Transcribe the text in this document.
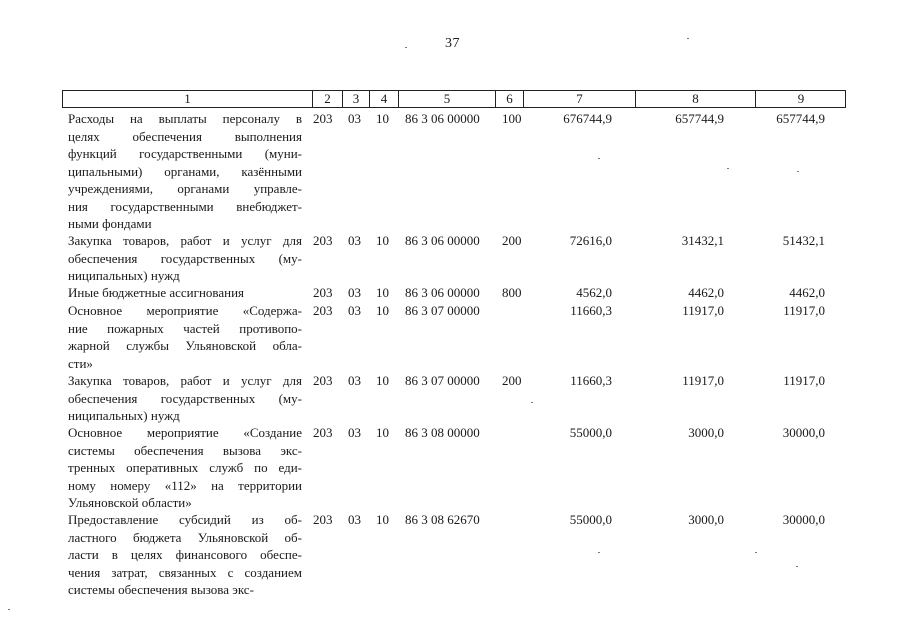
37
1	2	3	4	5	6	7	8	9
Расходы на выплаты персоналу в
целях обеспечения выполнения
функций государственными (муни-
ципальными) органами, казёнными
учреждениями, органами управле-
ния государственными внебюджет-
ными фондами
203 03 10 86 3 06 00000 100	676744,9	657744,9	657744,9
Закупка товаров, работ и услуг для
обеспечения государственных (му-
ниципальных) нужд
203 03 10 86 3 06 00000 200	72616,0	31432,1	51432,1
Иные бюджетные ассигнования	203 03 10 86 3 06 00000 800	4562,0	4462,0	4462,0
Основное мероприятие «Содержа-
ние пожарных частей противопо-
жарной службы Ульяновской обла-
сти»
203 03 10 86 3 07 00000	11660,3	11917,0	11917,0
Закупка товаров, работ и услуг для
обеспечения государственных (му-
ниципальных) нужд
203 03 10 86 3 07 00000 200	11660,3	11917,0	11917,0
Основное мероприятие «Создание
системы обеспечения вызова экс-
тренных оперативных служб по еди-
ному номеру «112» на территории
Ульяновской области»
203 03 10 86 3 08 00000	55000,0	3000,0	30000,0
Предоставление субсидий из об-
ластного бюджета Ульяновской об-
ласти в целях финансового обеспе-
чения затрат, связанных с созданием
системы обеспечения вызова экс-
203 03 10 86 3 08 62670	55000,0	3000,0	30000,0
